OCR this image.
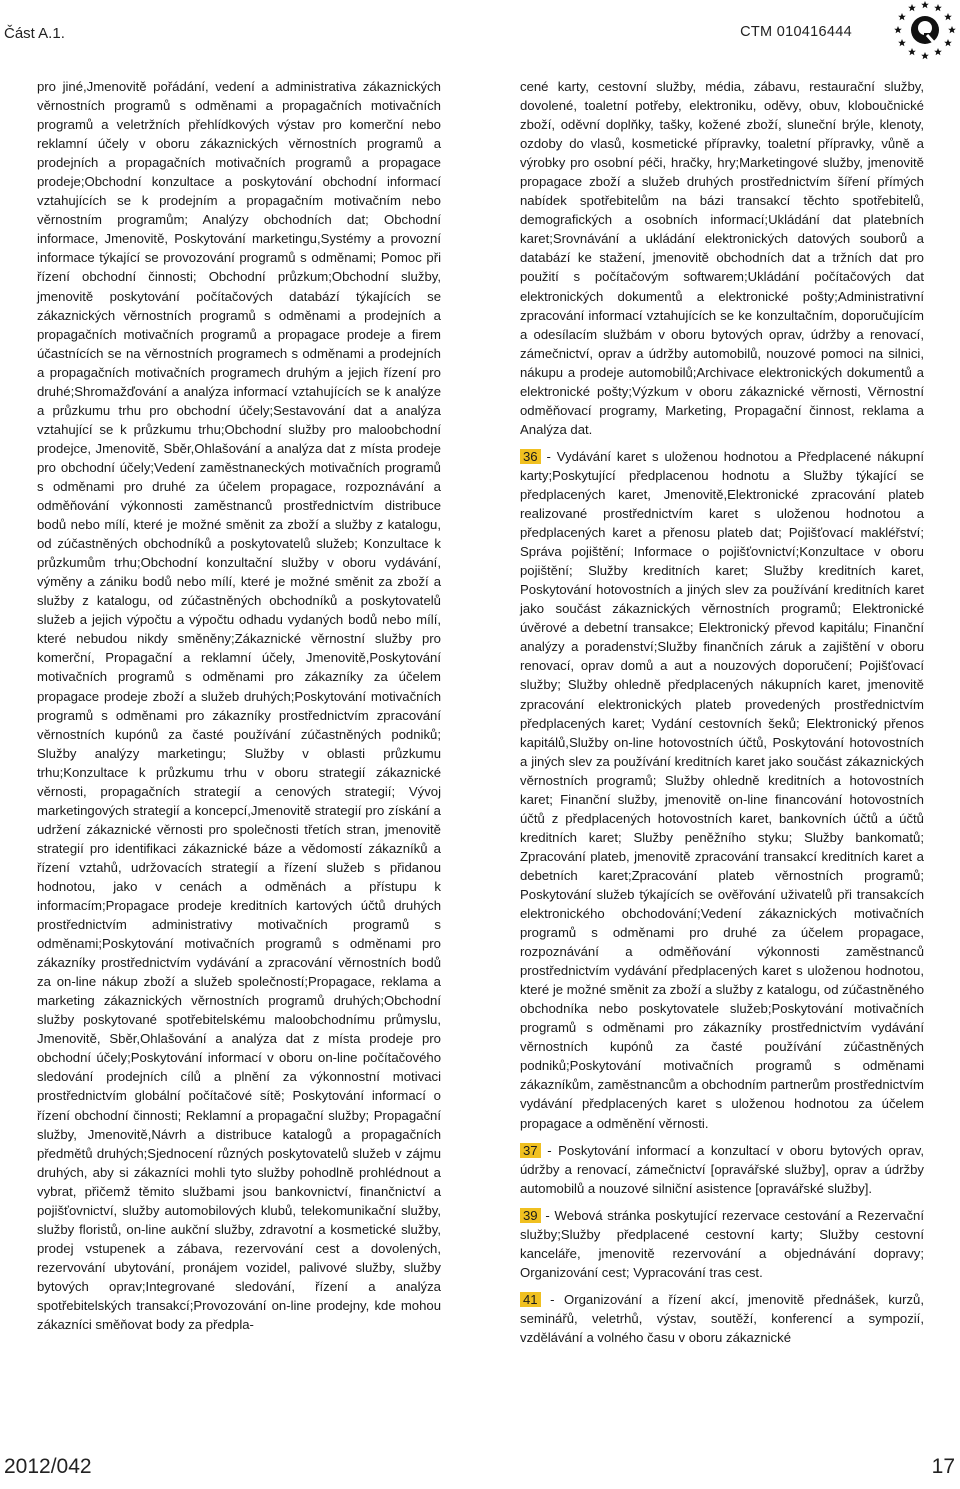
Část A.1.	CTM 010416444

pro jiné,Jmenovitě pořádání, vedení a administrativa zákaznických věrnostních programů s odměnami a propagačních motivačních programů a veletržních přehlídkových výstav pro komerční nebo reklamní účely v oboru zákaznických věrnostních programů a prodejních a propagačních motivačních programů a propagace prodeje;Obchodní konzultace a poskytování obchodní informací vztahujících se k prodejním a propagačním motivačním nebo věrnostním programům; Analýzy obchodních dat; Obchodní informace, Jmenovitě, Poskytování marketingu,Systémy a provozní informace týkající se provozování programů s odměnami; Pomoc při řízení obchodní činnosti; Obchodní průzkum;Obchodní služby, jmenovitě poskytování počítačových databází týkajících se zákaznických věrnostních programů s odměnami a prodejních a propagačních motivačních programů a propagace prodeje a firem účastnících se na věrnostních programech s odměnami a prodejních a propagačních motivačních programech druhým a jejich řízení pro druhé;Shromažďování a analýza informací vztahujících se k analýze a průzkumu trhu pro obchodní účely;Sestavování dat a analýza vztahující se k průzkumu trhu;Obchodní služby pro maloobchodní prodejce, Jmenovitě, Sběr,Ohlašování a analýza dat z místa prodeje pro obchodní účely;Vedení zaměstnaneckých motivačních programů s odměnami pro druhé za účelem propagace, rozpoznávání a odměňování výkonnosti zaměstnanců prostřednictvím distribuce bodů nebo mílí, které je možné směnit za zboží a služby z katalogu, od zúčastněných obchodníků a poskytovatelů služeb; Konzultace k průzkumům trhu;Obchodní konzultační služby v oboru vydávání, výměny a zániku bodů nebo mílí, které je možné směnit za zboží a služby z katalogu, od zúčastněných obchodníků a poskytovatelů služeb a jejich výpočtu a výpočtu odhadu vydaných bodů nebo mílí, které nebudou nikdy směněny;Zákaznické věrnostní služby pro komerční, Propagační a reklamní účely, Jmenovitě,Poskytování motivačních programů s odměnami pro zákazníky za účelem propagace prodeje zboží a služeb druhých;Poskytování motivačních programů s odměnami pro zákazníky prostřednictvím zpracování věrnostních kupónů za časté používání zúčastněných podniků; Služby analýzy marketingu; Služby v oblasti průzkumu trhu;Konzultace k průzkumu trhu v oboru strategií zákaznické věrnosti, propagačních strategií a cenových strategií; Vývoj marketingových strategií a koncepcí,Jmenovitě strategií pro získání a udržení zákaznické věrnosti pro společnosti třetích stran, jmenovitě strategií pro identifikaci zákaznické báze a vědomostí zákazníků a řízení vztahů, udržovacích strategií a řízení služeb s přidanou hodnotou, jako v cenách a odměnách a přístupu k informacím;Propagace prodeje kreditních kartových účtů druhých prostřednictvím administrativy motivačních programů s odměnami;Poskytování motivačních programů s odměnami pro zákazníky prostřednictvím vydávání a zpracování věrnostních bodů za on-line nákup zboží a služeb společností;Propagace, reklama a marketing zákaznických věrnostních programů druhých;Obchodní služby poskytované spotřebitelskému maloobchodnímu průmyslu, Jmenovitě, Sběr,Ohlašování a analýza dat z místa prodeje pro obchodní účely;Poskytování informací v oboru on-line počítačového sledování prodejních cílů a plnění za výkonnostní motivaci prostřednictvím globální počítačové sítě; Poskytování informací o řízení obchodní činnosti; Reklamní a propagační služby; Propagační služby, Jmenovitě,Návrh a distribuce katalogů a propagačních předmětů druhých;Sjednocení různých poskytovatelů služeb v zájmu druhých, aby si zákazníci mohli tyto služby pohodlně prohlédnout a vybrat, přičemž těmito službami jsou bankovnictví, finančnictví a pojišťovnictví, služby automobilových klubů, telekomunikační služby, služby floristů, on-line aukční služby, zdravotní a kosmetické služby, prodej vstupenek a zábava, rezervování cest a dovolených, rezervování ubytování, pronájem vozidel, palivové služby, služby bytových oprav;Integrované sledování, řízení a analýza spotřebitelských transakcí;Provozování on-line prodejny, kde mohou zákazníci směňovat body za předpla-

cené karty, cestovní služby, média, zábavu, restaurační služby, dovolené, toaletní potřeby, elektroniku, oděvy, obuv, kloboučnické zboží, oděvní doplňky, tašky, kožené zboží, sluneční brýle, klenoty, ozdoby do vlasů, kosmetické přípravky, toaletní přípravky, vůně a výrobky pro osobní péči, hračky, hry;Marketingové služby, jmenovitě propagace zboží a služeb druhých prostřednictvím šíření přímých nabídek spotřebitelům na bázi transakcí těchto spotřebitelů, demografických a osobních informací;Ukládání dat platebních karet;Srovnávání a ukládání elektronických datových souborů a databází ke stažení, jmenovitě obchodních dat a tržních dat pro použití s počítačovým softwarem;Ukládání počítačových dat elektronických dokumentů a elektronické pošty;Administrativní zpracování informací vztahujících se ke konzultačním, doporučujícím a odesílacím službám v oboru bytových oprav, údržby a renovací, zámečnictví, oprav a údržby automobilů, nouzové pomoci na silnici, nákupu a prodeje automobilů;Archivace elektronických dokumentů a elektronické pošty;Výzkum v oboru zákaznické věrnosti, Věrnostní odměňovací programy, Marketing, Propagační činnost, reklama a Analýza dat.

36 - Vydávání karet s uloženou hodnotou a Předplacené nákupní karty;Poskytující předplacenou hodnotu a Služby týkající se předplacených karet, Jmenovitě,Elektronické zpracování plateb realizované prostřednictvím karet s uloženou hodnotou a předplacených karet a přenosu plateb dat; Pojišťovací makléřství; Správa pojištění; Informace o pojišťovnictví;Konzultace v oboru pojištění; Služby kreditních karet; Služby kreditních karet, Poskytování hotovostních a jiných slev za používání kreditních karet jako součást zákaznických věrnostních programů; Elektronické úvěrové a debetní transakce; Elektronický převod kapitálu; Finanční analýzy a poradenství;Služby finančních záruk a zajištění v oboru renovací, oprav domů a aut a nouzových doporučení; Pojišťovací služby; Služby ohledně předplacených nákupních karet, jmenovitě zpracování elektronických plateb provedených prostřednictvím předplacených karet; Vydání cestovních šeků; Elektronický přenos kapitálů,Služby on-line hotovostních účtů, Poskytování hotovostních a jiných slev za používání kreditních karet jako součást zákaznických věrnostních programů; Služby ohledně kreditních a hotovostních karet; Finanční služby, jmenovitě on-line financování hotovostních účtů z předplacených hotovostních karet, bankovních účtů a účtů kreditních karet; Služby peněžního styku; Služby bankomatů; Zpracování plateb, jmenovitě zpracování transakcí kreditních karet a debetních karet;Zpracování plateb věrnostních programů; Poskytování služeb týkajících se ověřování uživatelů při transakcích elektronického obchodování;Vedení zákaznických motivačních programů s odměnami pro druhé za účelem propagace, rozpoznávání a odměňování výkonnosti zaměstnanců prostřednictvím vydávání předplacených karet s uloženou hodnotou, které je možné směnit za zboží a služby z katalogu, od zúčastněného obchodníka nebo poskytovatele služeb;Poskytování motivačních programů s odměnami pro zákazníky prostřednictvím vydávání věrnostních kupónů za časté používání zúčastněných podniků;Poskytování motivačních programů s odměnami zákazníkům, zaměstnancům a obchodním partnerům prostřednictvím vydávání předplacených karet s uloženou hodnotou za účelem propagace a odměnění věrnosti.

37 - Poskytování informací a konzultací v oboru bytových oprav, údržby a renovací, zámečnictví [opravářské služby], oprav a údržby automobilů a nouzové silniční asistence [opravářské služby].

39 - Webová stránka poskytující rezervace cestování a Rezervační služby;Služby předplacené cestovní karty; Služby cestovní kanceláře, jmenovitě rezervování a objednávání dopravy; Organizování cest; Vypracování tras cest.

41 - Organizování a řízení akcí, jmenovitě přednášek, kurzů, seminářů, veletrhů, výstav, soutěží, konferencí a sympozií, vzdělávání a volného času v oboru zákaznické

2012/042	17
